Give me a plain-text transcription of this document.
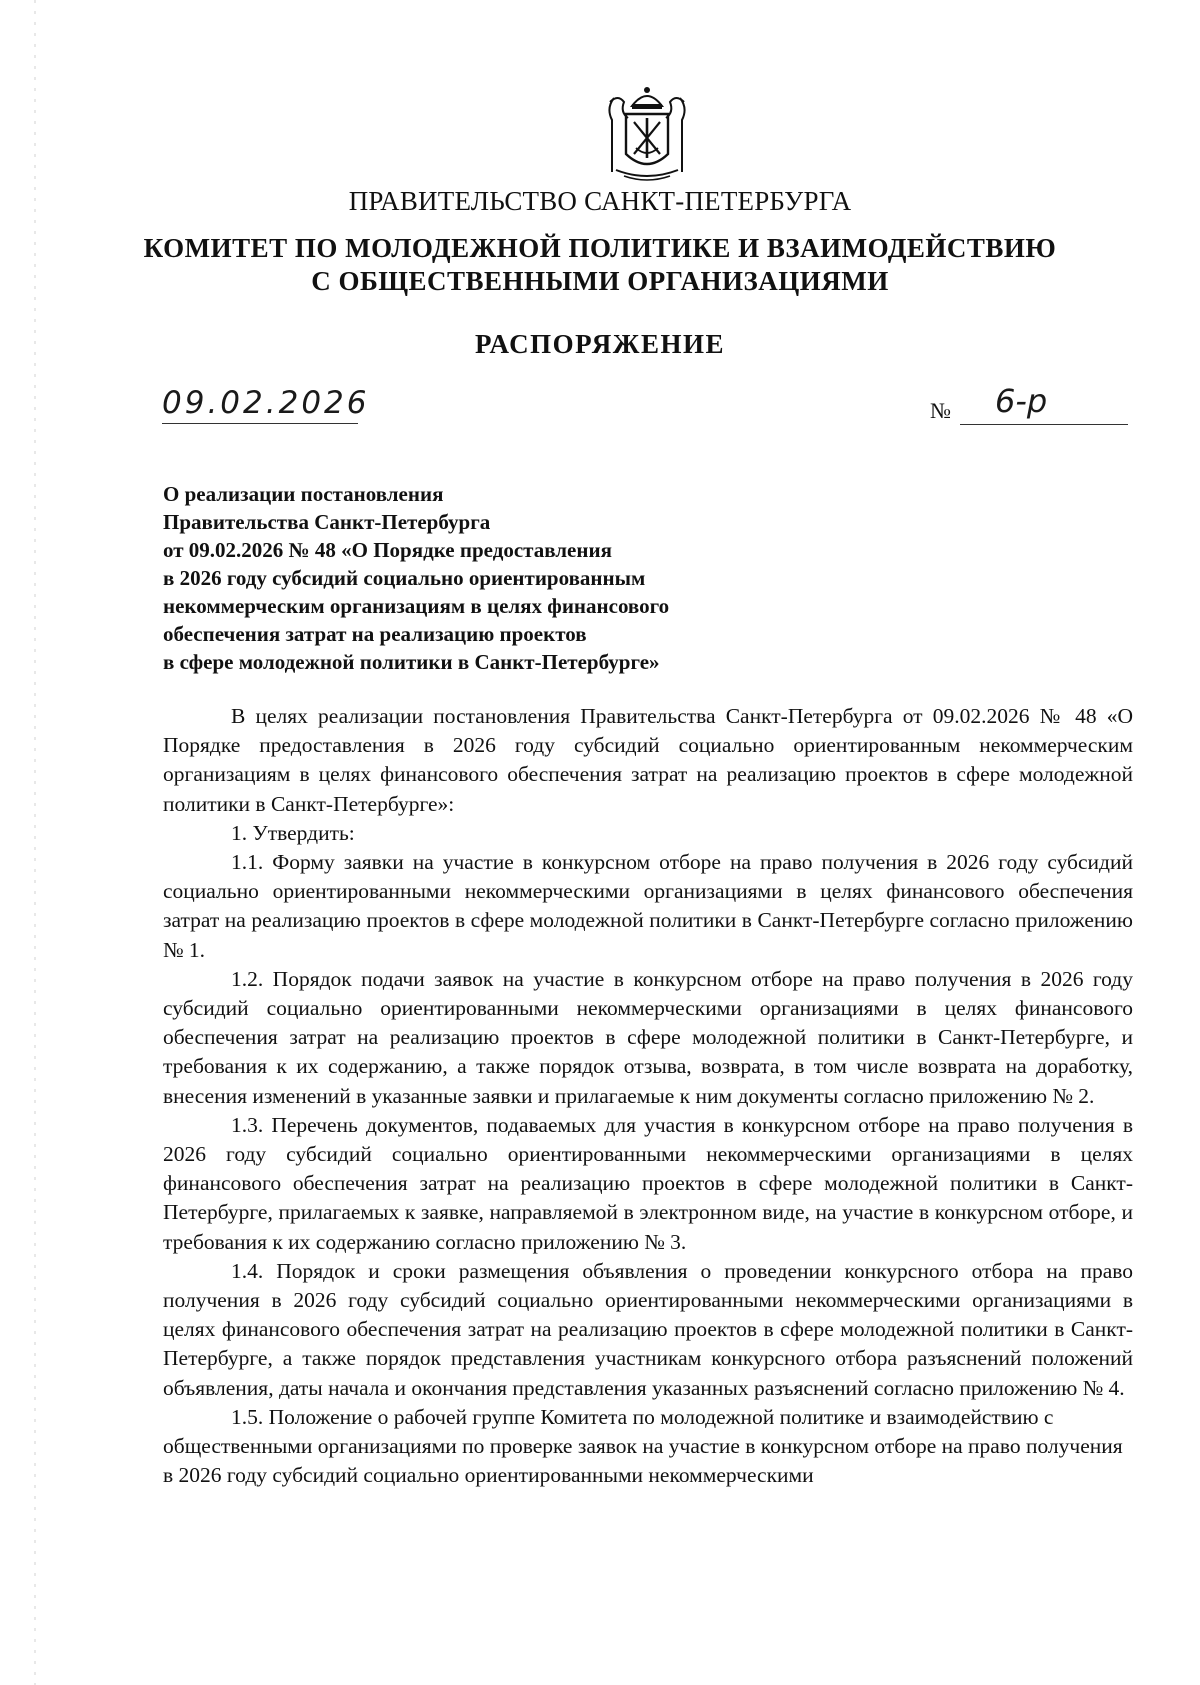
ПРАВИТЕЛЬСТВО САНКТ-ПЕТЕРБУРГА
КОМИТЕТ ПО МОЛОДЕЖНОЙ ПОЛИТИКЕ И ВЗАИМОДЕЙСТВИЮ
С ОБЩЕСТВЕННЫМИ ОРГАНИЗАЦИЯМИ
РАСПОРЯЖЕНИЕ
09.02.2026	№ 6-р
О реализации постановления
Правительства Санкт-Петербурга
от 09.02.2026 № 48 «О Порядке предоставления
в 2026 году субсидий социально ориентированным
некоммерческим организациям в целях финансового
обеспечения затрат на реализацию проектов
в сфере молодежной политики в Санкт-Петербурге»

В целях реализации постановления Правительства Санкт-Петербурга от 09.02.2026 № 48 «О Порядке предоставления в 2026 году субсидий социально ориентированным некоммерческим организациям в целях финансового обеспечения затрат на реализацию проектов в сфере молодежной политики в Санкт-Петербурге»:

1. Утвердить:

1.1. Форму заявки на участие в конкурсном отборе на право получения в 2026 году субсидий социально ориентированными некоммерческими организациями в целях финансового обеспечения затрат на реализацию проектов в сфере молодежной политики в Санкт-Петербурге согласно приложению № 1.

1.2. Порядок подачи заявок на участие в конкурсном отборе на право получения в 2026 году субсидий социально ориентированными некоммерческими организациями в целях финансового обеспечения затрат на реализацию проектов в сфере молодежной политики в Санкт-Петербурге, и требования к их содержанию, а также порядок отзыва, возврата, в том числе возврата на доработку, внесения изменений в указанные заявки и прилагаемые к ним документы согласно приложению № 2.

1.3. Перечень документов, подаваемых для участия в конкурсном отборе на право получения в 2026 году субсидий социально ориентированными некоммерческими организациями в целях финансового обеспечения затрат на реализацию проектов в сфере молодежной политики в Санкт-Петербурге, прилагаемых к заявке, направляемой в электронном виде, на участие в конкурсном отборе, и требования к их содержанию согласно приложению № 3.

1.4. Порядок и сроки размещения объявления о проведении конкурсного отбора на право получения в 2026 году субсидий социально ориентированными некоммерческими организациями в целях финансового обеспечения затрат на реализацию проектов в сфере молодежной политики в Санкт-Петербурге, а также порядок представления участникам конкурсного отбора разъяснений положений объявления, даты начала и окончания представления указанных разъяснений согласно приложению № 4.

1.5. Положение о рабочей группе Комитета по молодежной политике и взаимодействию с общественными организациями по проверке заявок на участие в конкурсном отборе на право получения в 2026 году субсидий социально ориентированными некоммерческими
